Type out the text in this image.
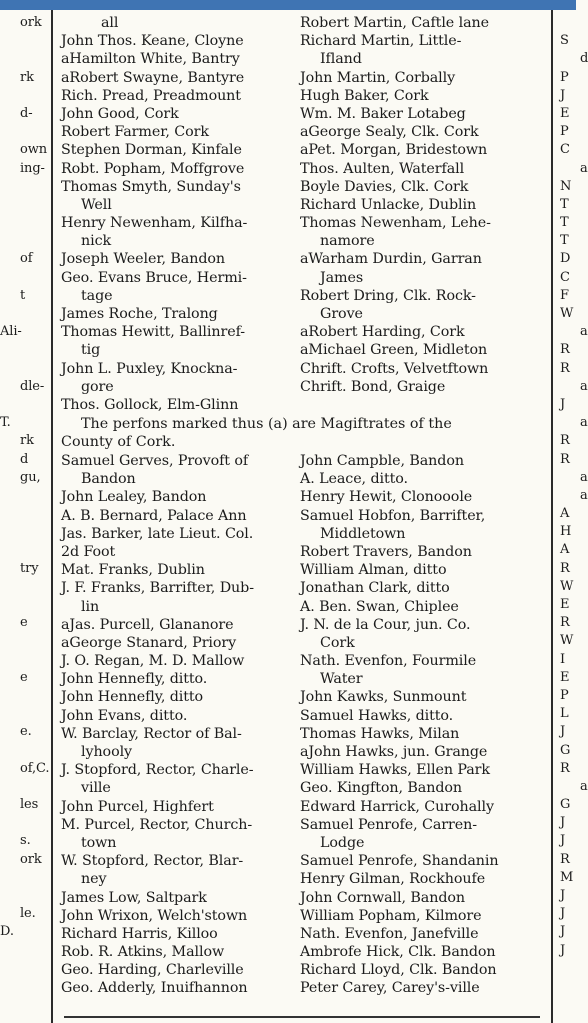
ork
rk
d-
own
ing-
of
t
Ali-
dle-
T.
rk
d
gu,
try
e
e
e.
of,C.
les
s.
ork
le.
D.
S
d
P
J
E
P
C
a
N
T
T
T
D
C
F
W
a
R
R
a
J
a
R
R
a
a
A
H
A
R
W
E
R
W
I
E
P
L
J
G
R
a
G
J
J
R
M
J
J
J
J
all
John Thos. Keane, Cloyne
aHamilton White, Bantry
aRobert Swayne, Bantyre
Rich. Pread, Preadmount
John Good, Cork
Robert Farmer, Cork
Stephen Dorman, Kinfale
Robt. Popham, Moffgrove
Thomas Smyth, Sunday's
Well
Henry Newenham, Kilfha-
nick
Joseph Weeler, Bandon
Geo. Evans Bruce, Hermi-
tage
James Roche, Tralong
Thomas Hewitt, Ballinref-
tig
John L. Puxley, Knockna-
gore
Thos. Gollock, Elm-Glinn
Robert Martin, Caftle lane
Richard Martin, Little-
Ifland
John Martin, Corbally
Hugh Baker, Cork
Wm. M. Baker Lotabeg
aGeorge Sealy, Clk. Cork
aPet. Morgan, Bridestown
Thos. Aulten, Waterfall
Boyle Davies, Clk. Cork
Richard Unlacke, Dublin
Thomas Newenham, Lehe-
namore
aWarham Durdin, Garran
James
Robert Dring, Clk. Rock-
Grove
aRobert Harding, Cork
aMichael Green, Midleton
Chrift. Crofts, Velvetftown
Chrift. Bond, Graige
The perfons marked thus (a) are Magiftrates of the
County of Cork.
Samuel Gerves, Provoft of
Bandon
John Lealey, Bandon
A. B. Bernard, Palace Ann
Jas. Barker, late Lieut. Col.
2d Foot
Mat. Franks, Dublin
J. F. Franks, Barrifter, Dub-
lin
aJas. Purcell, Glananore
aGeorge Stanard, Priory
J. O. Regan, M. D. Mallow
John Hennefly, ditto.
John Hennefly, ditto
John Evans, ditto.
W. Barclay, Rector of Bal-
lyhooly
J. Stopford, Rector, Charle-
ville
John Purcel, Highfert
M. Purcel, Rector, Church-
town
W. Stopford, Rector, Blar-
ney
James Low, Saltpark
John Wrixon, Welch'stown
Richard Harris, Killoo
Rob. R. Atkins, Mallow
Geo. Harding, Charleville
Geo. Adderly, Inuifhannon
John Campble, Bandon
A. Leace, ditto.
Henry Hewit, Clonooole
Samuel Hobfon, Barrifter,
Middletown
Robert Travers, Bandon
William Alman, ditto
Jonathan Clark, ditto
A. Ben. Swan, Chiplee
J. N. de la Cour, jun. Co.
Cork
Nath. Evenfon, Fourmile
Water
John Kawks, Sunmount
Samuel Hawks, ditto.
Thomas Hawks, Milan
aJohn Hawks, jun. Grange
William Hawks, Ellen Park
Geo. Kingfton, Bandon
Edward Harrick, Curohally
Samuel Penrofe, Carren-
Lodge
Samuel Penrofe, Shandanin
Henry Gilman, Rockhoufe
John Cornwall, Bandon
William Popham, Kilmore
Nath. Evenfon, Janefville
Ambrofe Hick, Clk. Bandon
Richard Lloyd, Clk. Bandon
Peter Carey, Carey's-ville
